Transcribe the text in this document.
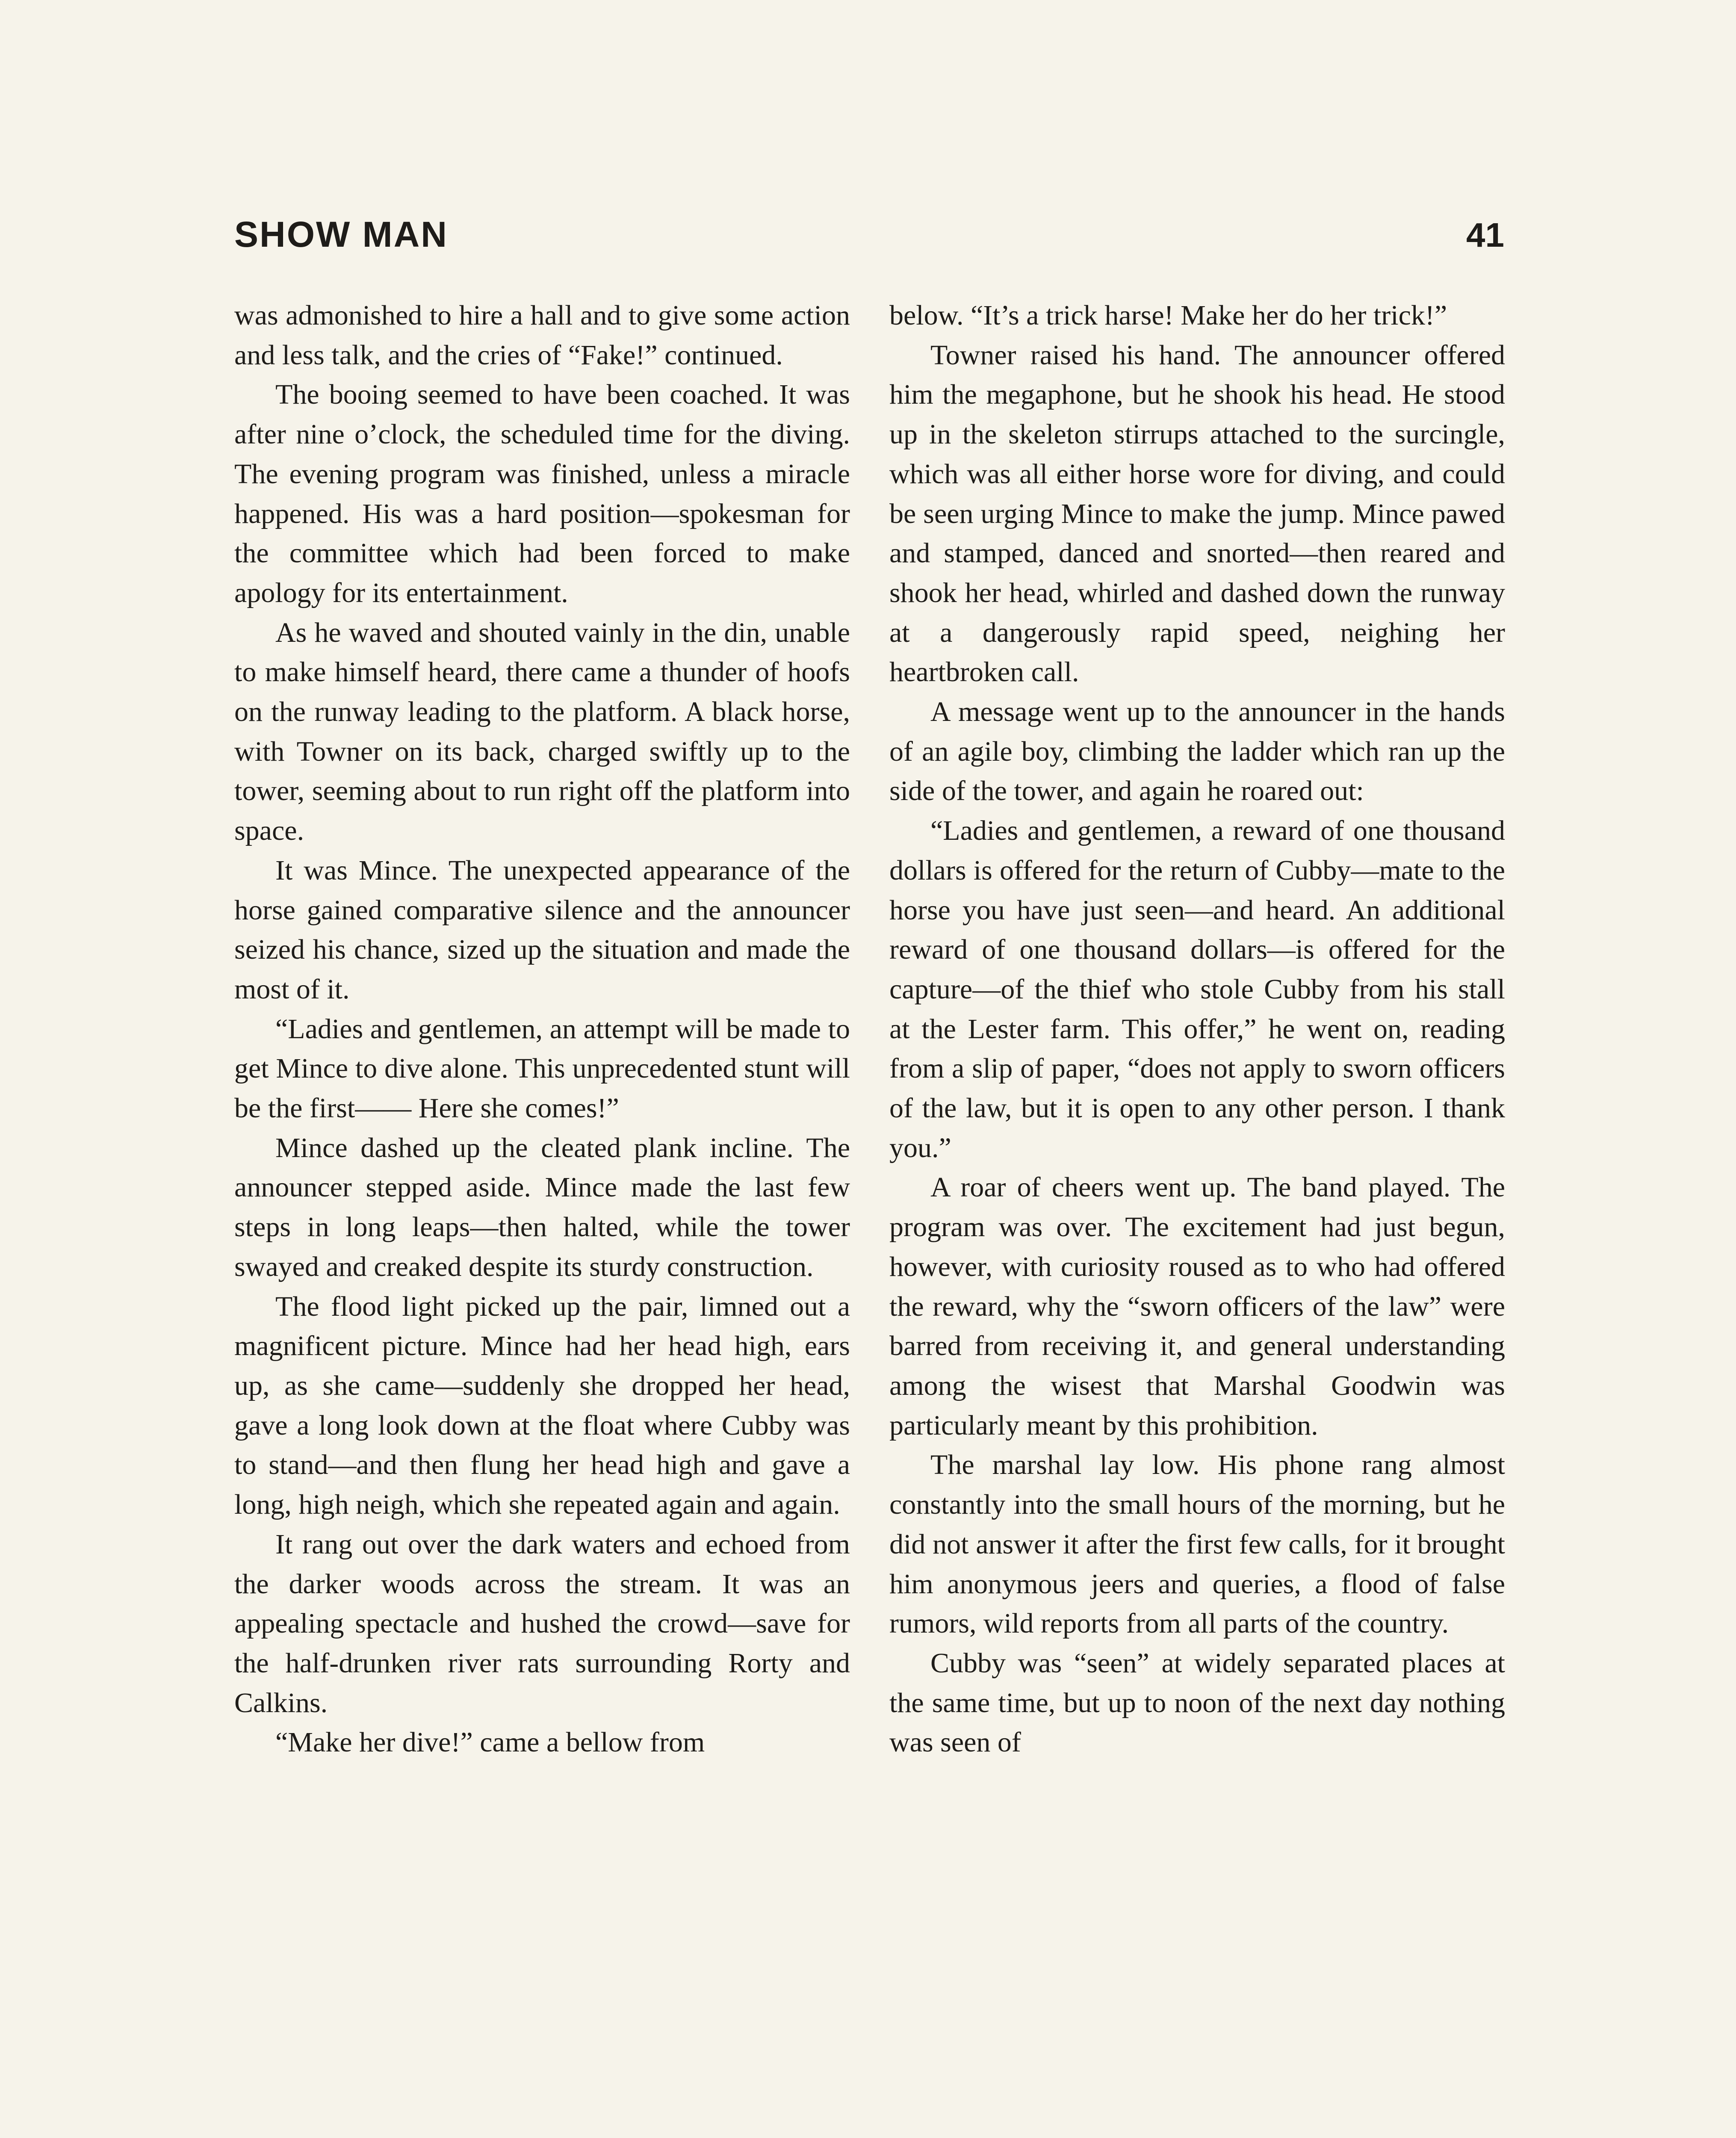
SHOW MAN	41

was admonished to hire a hall and to give some action and less talk, and the cries of “Fake!” continued.

The booing seemed to have been coached. It was after nine o’clock, the scheduled time for the diving. The evening program was finished, unless a miracle happened. His was a hard position—spokesman for the committee which had been forced to make apology for its entertainment.

As he waved and shouted vainly in the din, unable to make himself heard, there came a thunder of hoofs on the runway leading to the platform. A black horse, with Towner on its back, charged swiftly up to the tower, seeming about to run right off the platform into space.

It was Mince. The unexpected appearance of the horse gained comparative silence and the announcer seized his chance, sized up the situation and made the most of it.

“Ladies and gentlemen, an attempt will be made to get Mince to dive alone. This unprecedented stunt will be the first—— Here she comes!”

Mince dashed up the cleated plank incline. The announcer stepped aside. Mince made the last few steps in long leaps—then halted, while the tower swayed and creaked despite its sturdy construction.

The flood light picked up the pair, limned out a magnificent picture. Mince had her head high, ears up, as she came—suddenly she dropped her head, gave a long look down at the float where Cubby was to stand—and then flung her head high and gave a long, high neigh, which she repeated again and again.

It rang out over the dark waters and echoed from the darker woods across the stream. It was an appealing spectacle and hushed the crowd—save for the half-drunken river rats surrounding Rorty and Calkins.

“Make her dive!” came a bellow from

below. “It’s a trick harse! Make her do her trick!”

Towner raised his hand. The announcer offered him the megaphone, but he shook his head. He stood up in the skeleton stirrups attached to the surcingle, which was all either horse wore for diving, and could be seen urging Mince to make the jump. Mince pawed and stamped, danced and snorted—then reared and shook her head, whirled and dashed down the runway at a dangerously rapid speed, neighing her heartbroken call.

A message went up to the announcer in the hands of an agile boy, climbing the ladder which ran up the side of the tower, and again he roared out:

“Ladies and gentlemen, a reward of one thousand dollars is offered for the return of Cubby—mate to the horse you have just seen—and heard. An additional reward of one thousand dollars—is offered for the capture—of the thief who stole Cubby from his stall at the Lester farm. This offer,” he went on, reading from a slip of paper, “does not apply to sworn officers of the law, but it is open to any other person. I thank you.”

A roar of cheers went up. The band played. The program was over. The excitement had just begun, however, with curiosity roused as to who had offered the reward, why the “sworn officers of the law” were barred from receiving it, and general understanding among the wisest that Marshal Goodwin was particularly meant by this prohibition.

The marshal lay low. His phone rang almost constantly into the small hours of the morning, but he did not answer it after the first few calls, for it brought him anonymous jeers and queries, a flood of false rumors, wild reports from all parts of the country.

Cubby was “seen” at widely separated places at the same time, but up to noon of the next day nothing was seen of
